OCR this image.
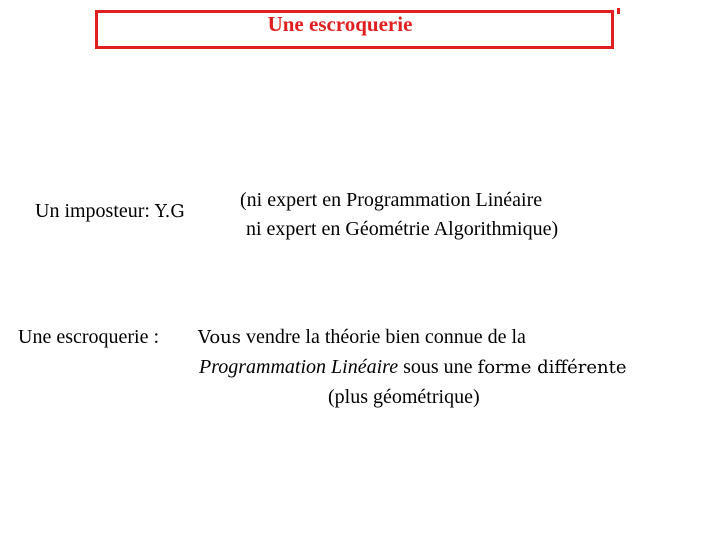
Une escroquerie
Un imposteur: Y.G
(ni expert en Programmation Linéaire
ni expert en Géométrie Algorithmique)
Une escroquerie : Vous vendre la théorie bien connue de la
Programmation Linéaire sous une forme différente
(plus géométrique)
